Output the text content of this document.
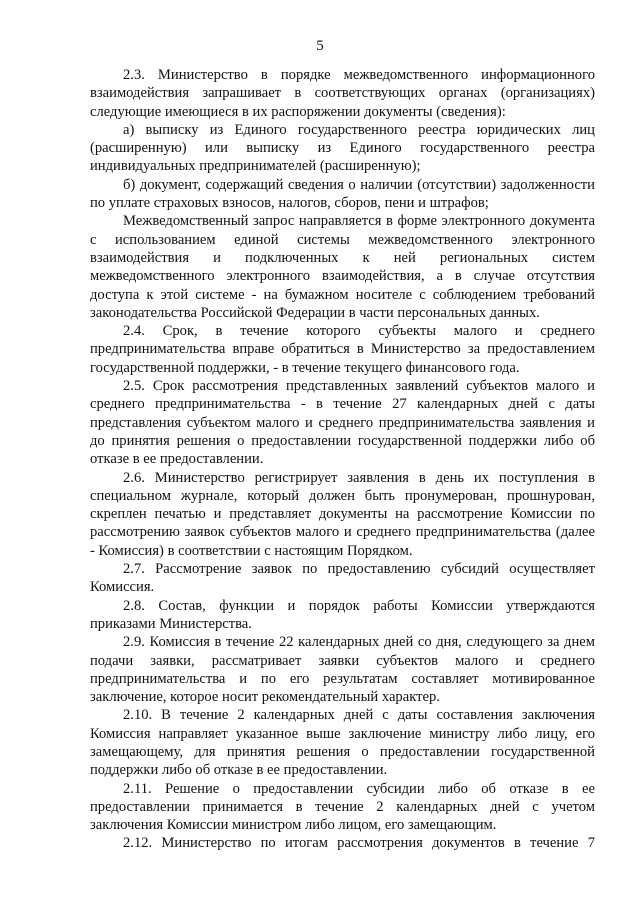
5

2.3. Министерство в порядке межведомственного информационного взаимодействия запрашивает в соответствующих органах (организациях) следующие имеющиеся в их распоряжении документы (сведения):

а) выписку из Единого государственного реестра юридических лиц (расширенную) или выписку из Единого государственного реестра индивидуальных предпринимателей (расширенную);

б) документ, содержащий сведения о наличии (отсутствии) задолженности по уплате страховых взносов, налогов, сборов, пени и штрафов;

Межведомственный запрос направляется в форме электронного документа с использованием единой системы межведомственного электронного взаимодействия и подключенных к ней региональных систем межведомственного электронного взаимодействия, а в случае отсутствия доступа к этой системе - на бумажном носителе с соблюдением требований законодательства Российской Федерации в части персональных данных.

2.4. Срок, в течение которого субъекты малого и среднего предпринимательства вправе обратиться в Министерство за предоставлением государственной поддержки, - в течение текущего финансового года.

2.5. Срок рассмотрения представленных заявлений субъектов малого и среднего предпринимательства - в течение 27 календарных дней с даты представления субъектом малого и среднего предпринимательства заявления и до принятия решения о предоставлении государственной поддержки либо об отказе в ее предоставлении.

2.6. Министерство регистрирует заявления в день их поступления в специальном журнале, который должен быть пронумерован, прошнурован, скреплен печатью и представляет документы на рассмотрение Комиссии по рассмотрению заявок субъектов малого и среднего предпринимательства (далее - Комиссия) в соответствии с настоящим Порядком.

2.7. Рассмотрение заявок по предоставлению субсидий осуществляет Комиссия.

2.8. Состав, функции и порядок работы Комиссии утверждаются приказами Министерства.

2.9. Комиссия в течение 22 календарных дней со дня, следующего за днем подачи заявки, рассматривает заявки субъектов малого и среднего предпринимательства и по его результатам составляет мотивированное заключение, которое носит рекомендательный характер.

2.10. В течение 2 календарных дней с даты составления заключения Комиссия направляет указанное выше заключение министру либо лицу, его замещающему, для принятия решения о предоставлении государственной поддержки либо об отказе в ее предоставлении.

2.11. Решение о предоставлении субсидии либо об отказе в ее предоставлении принимается в течение 2 календарных дней с учетом заключения Комиссии министром либо лицом, его замещающим.

2.12. Министерство по итогам рассмотрения документов в течение 7
